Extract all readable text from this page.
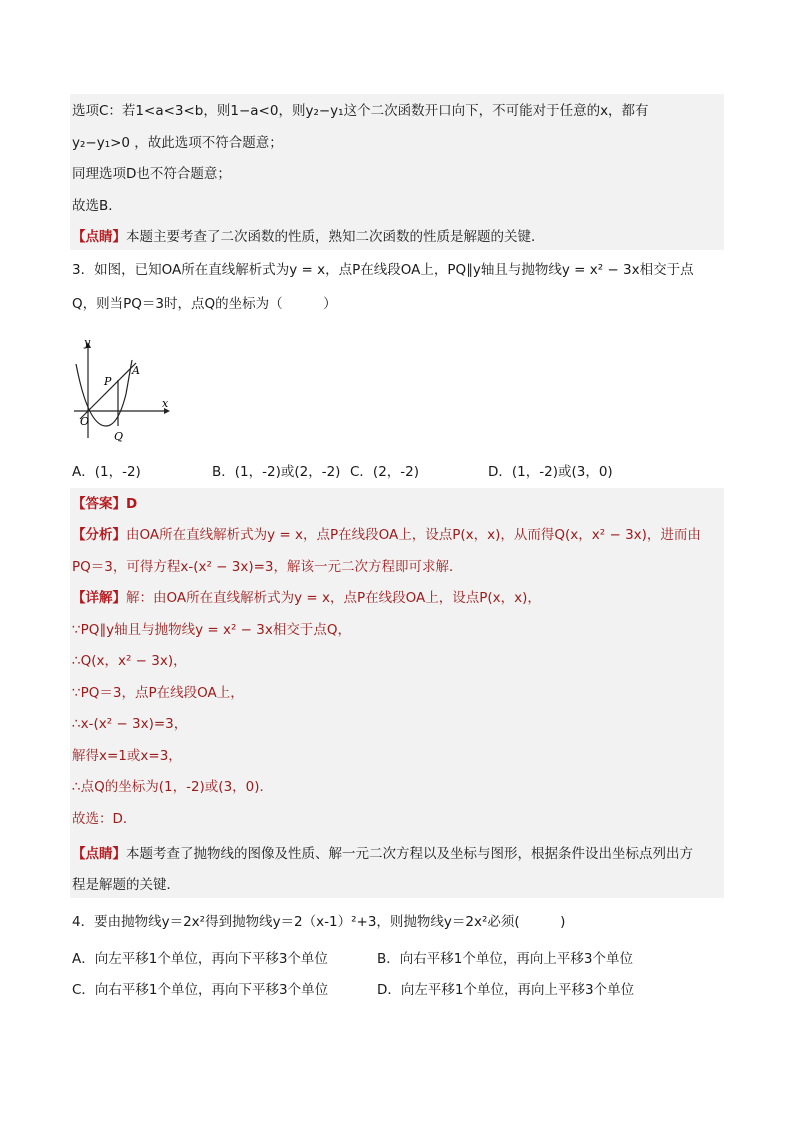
选项C：若1<a<3<b，则1−a<0，则y₂−y₁这个二次函数开口向下，不可能对于任意的x，都有
y₂−y₁>0 ，故此选项不符合题意；
同理选项D也不符合题意；
故选B．
【点睛】本题主要考查了二次函数的性质，熟知二次函数的性质是解题的关键．
3．如图，已知OA所在直线解析式为y = x，点P在线段OA上，PQ∥y轴且与抛物线y = x² − 3x相交于点
Q，则当PQ＝3时，点Q的坐标为（　　　）
y
x
O
P
A
Q
A．(1，-2)	B．(1，-2)或(2，-2) C．(2，-2)	D．(1，-2)或(3，0)
【答案】D
【分析】由OA所在直线解析式为y = x，点P在线段OA上，设点P(x，x)，从而得Q(x，x² − 3x)，进而由
PQ＝3，可得方程x-(x² − 3x)=3，解该一元二次方程即可求解．
【详解】解：由OA所在直线解析式为y = x，点P在线段OA上，设点P(x，x)，
∵PQ∥y轴且与抛物线y = x² − 3x相交于点Q，
∴Q(x，x² − 3x)，
∵PQ＝3，点P在线段OA上，
∴x-(x² − 3x)=3，
解得x=1或x=3，
∴点Q的坐标为(1，-2)或(3，0)．
故选：D．
【点睛】本题考查了抛物线的图像及性质、解一元二次方程以及坐标与图形，根据条件设出坐标点列出方
程是解题的关键．
4．要由抛物线y＝2x²得到抛物线y＝2（x-1）²+3，则抛物线y＝2x²必须(　　　)
A．向左平移1个单位，再向下平移3个单位	B．向右平移1个单位，再向上平移3个单位
C．向右平移1个单位，再向下平移3个单位	D．向左平移1个单位，再向上平移3个单位
